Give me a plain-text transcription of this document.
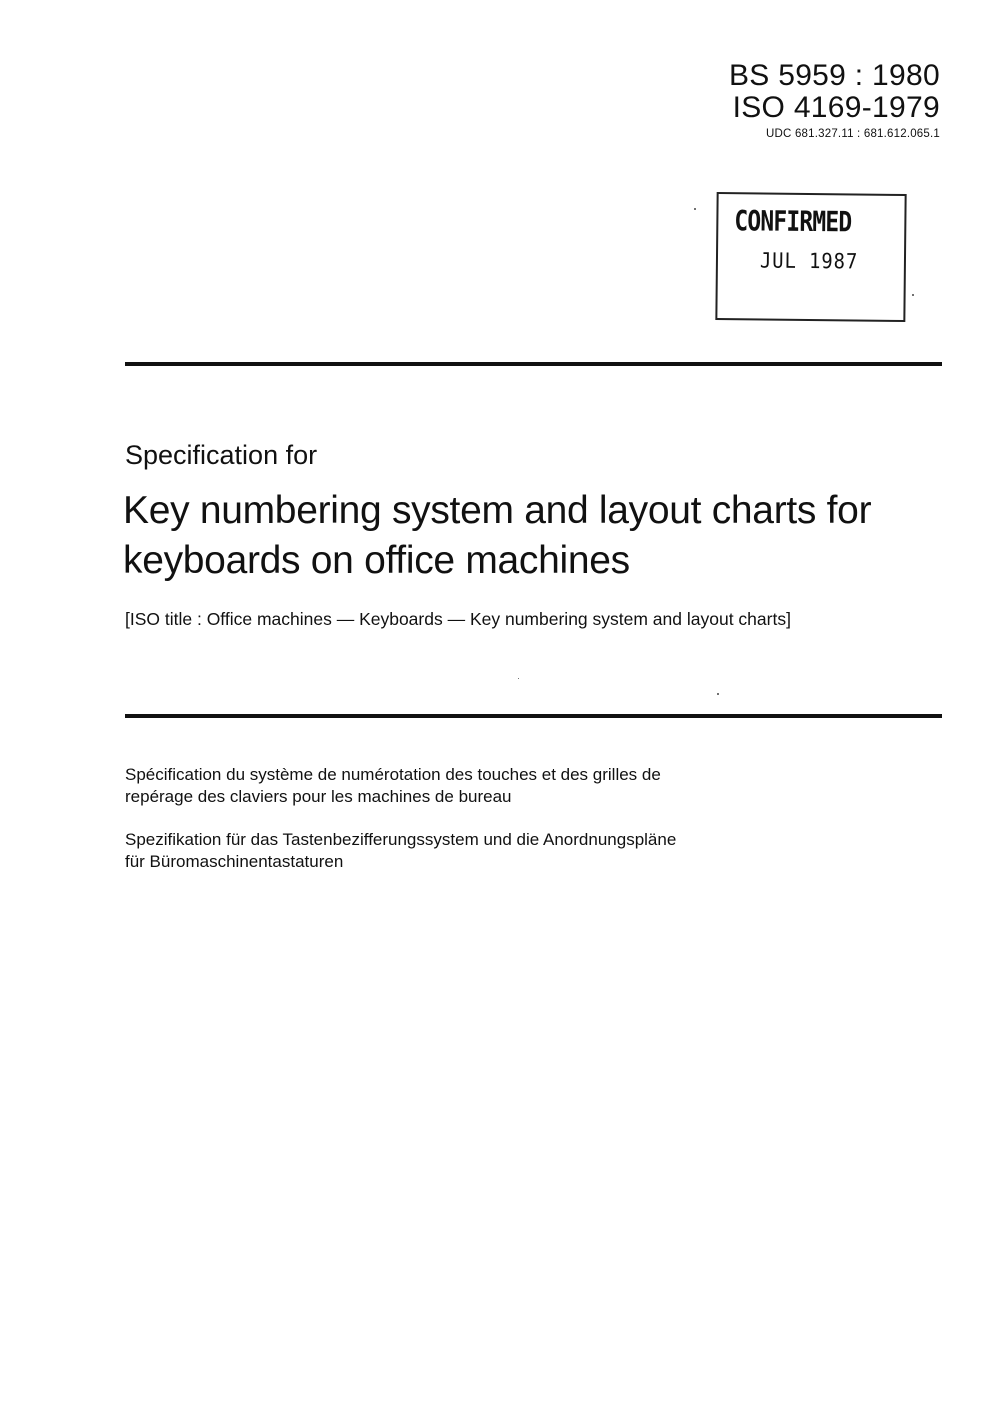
BS 5959 : 1980
ISO 4169-1979
UDC 681.327.11 : 681.612.065.1
CONFIRMED
JUL 1987
Specification for
Key numbering system and layout charts for
keyboards on office machines
[ISO title : Office machines — Keyboards — Key numbering system and layout charts]
Spécification du système de numérotation des touches et des grilles de
repérage des claviers pour les machines de bureau
Spezifikation für das Tastenbezifferungssystem und die Anordnungspläne
für Büromaschinentastaturen
